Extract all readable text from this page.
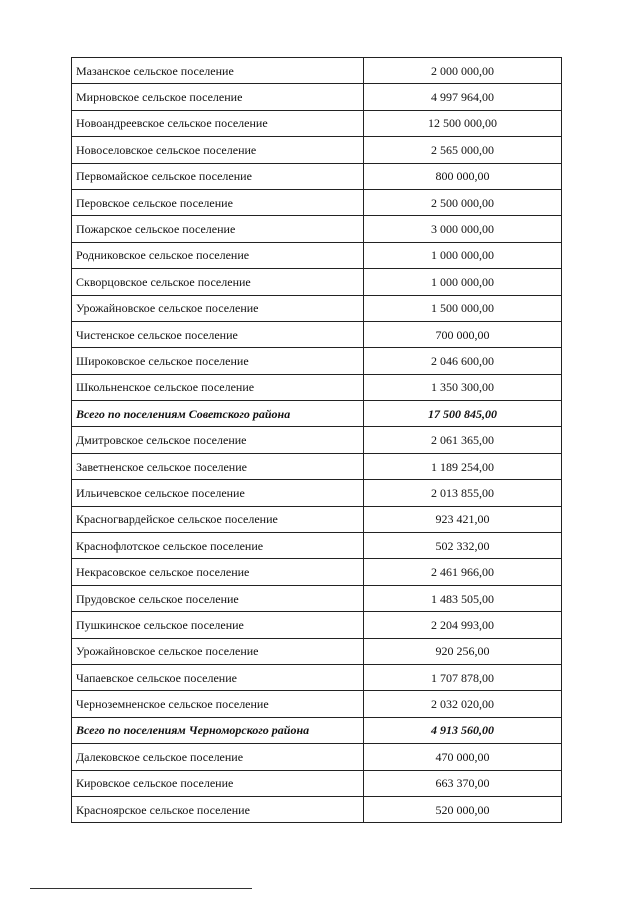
Мазанское сельское поселение	2 000 000,00
Мирновское сельское поселение	4 997 964,00
Новоандреевское сельское поселение	12 500 000,00
Новоселовское сельское поселение	2 565 000,00
Первомайское сельское поселение	800 000,00
Перовское сельское поселение	2 500 000,00
Пожарское сельское поселение	3 000 000,00
Родниковское сельское поселение	1 000 000,00
Скворцовское сельское поселение	1 000 000,00
Урожайновское сельское поселение	1 500 000,00
Чистенское сельское поселение	700 000,00
Широковское сельское поселение	2 046 600,00
Школьненское сельское поселение	1 350 300,00
Всего по поселениям Советского района	17 500 845,00
Дмитровское сельское поселение	2 061 365,00
Заветненское сельское поселение	1 189 254,00
Ильичевское сельское поселение	2 013 855,00
Красногвардейское сельское поселение	923 421,00
Краснофлотское сельское поселение	502 332,00
Некрасовское сельское поселение	2 461 966,00
Прудовское сельское поселение	1 483 505,00
Пушкинское сельское поселение	2 204 993,00
Урожайновское сельское поселение	920 256,00
Чапаевское сельское поселение	1 707 878,00
Черноземненское сельское поселение	2 032 020,00
Всего по поселениям Черноморского района	4 913 560,00
Далековское сельское поселение	470 000,00
Кировское сельское поселение	663 370,00
Краснoярское сельское поселение	520 000,00
